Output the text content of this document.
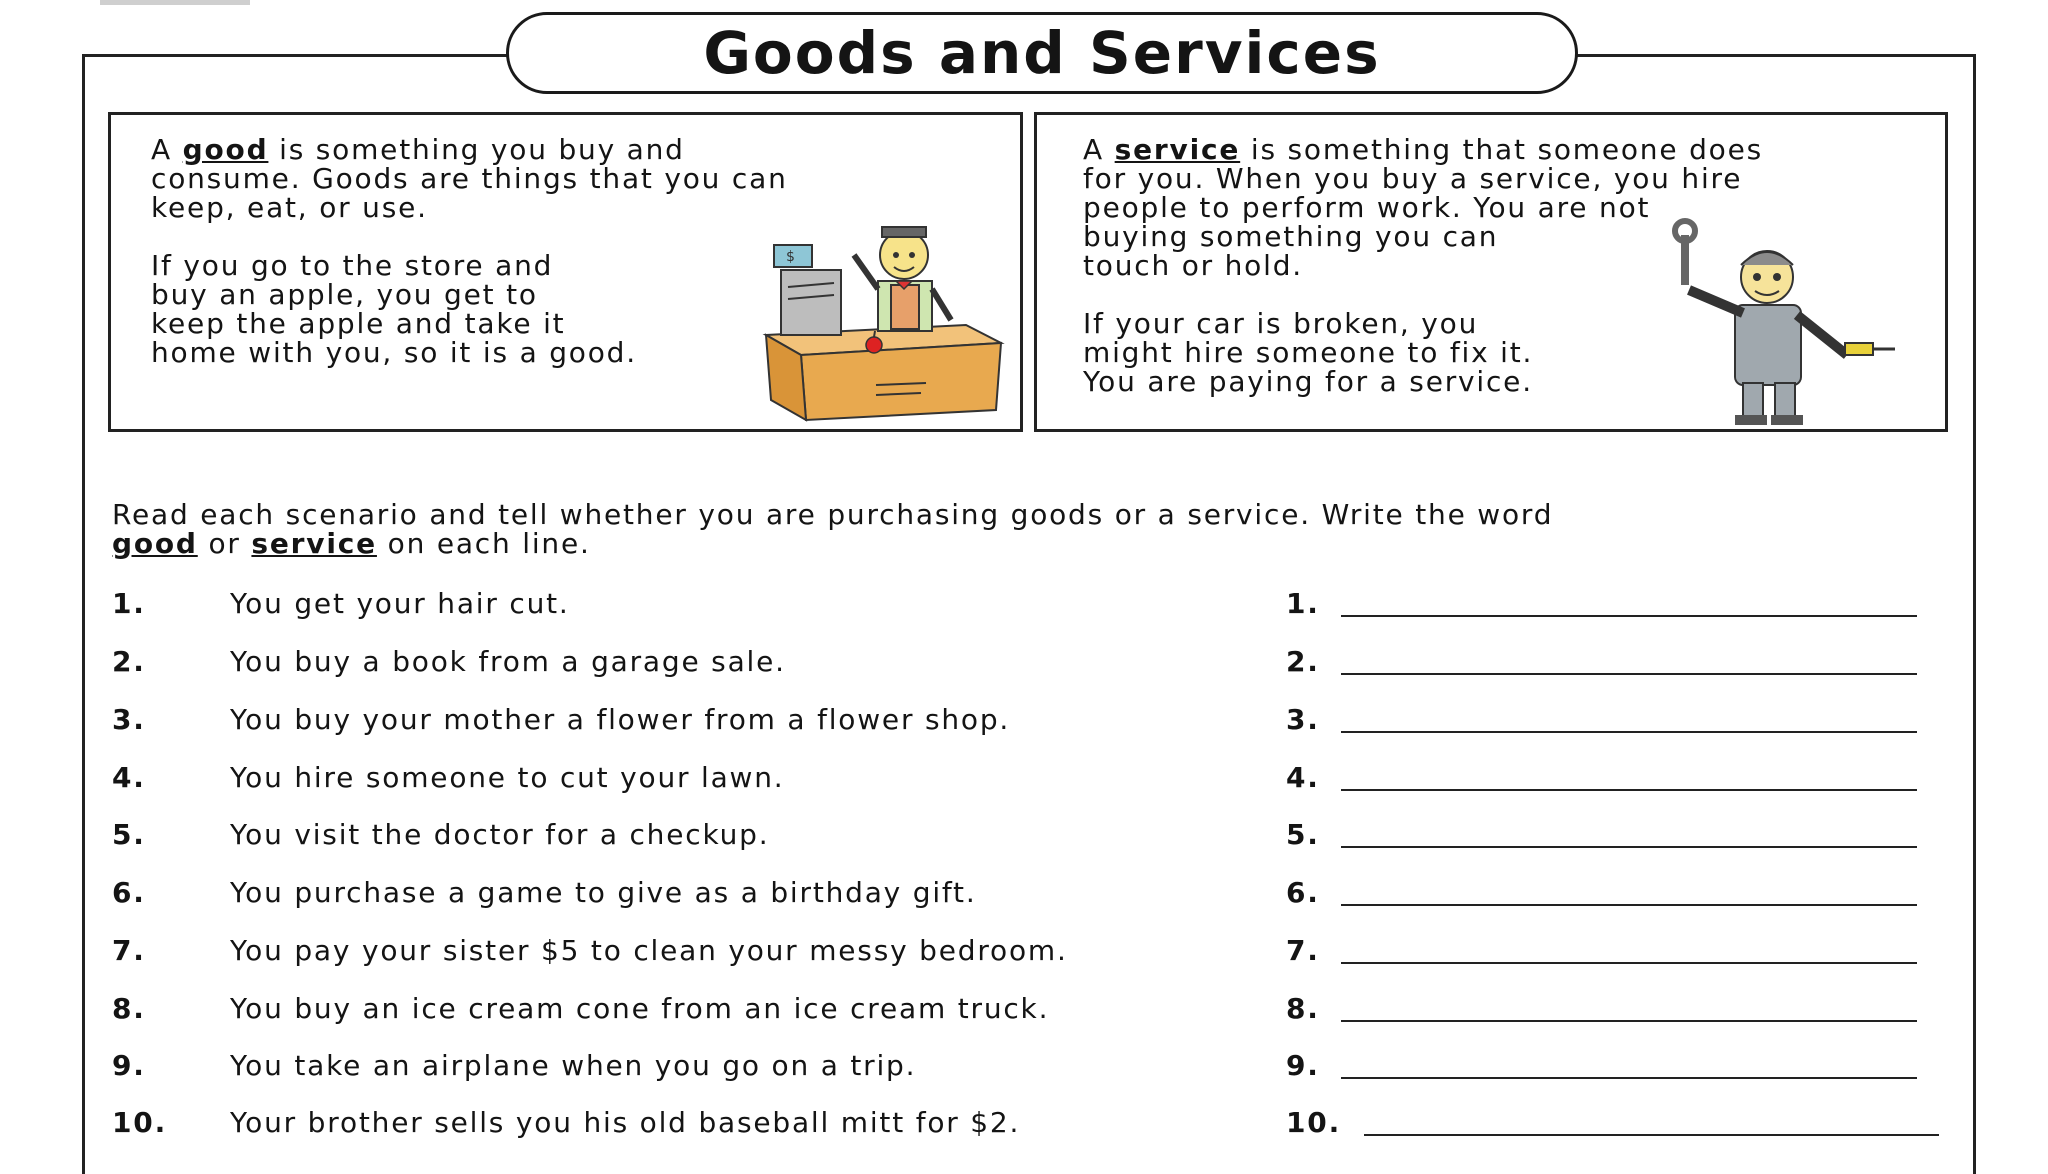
Goods and Services

A good is something you buy and

consume. Goods are things that you can

keep, eat, or use.

If you go to the store and

buy an apple, you get to

keep the apple and take it

home with you, so it is a good.

$

A service is something that someone does

for you. When you buy a service, you hire

people to perform work. You are not

buying something you can

touch or hold.

If your car is broken, you

might hire someone to fix it.

You are paying for a service.

Read each scenario and tell whether you are purchasing goods or a service. Write the word
good or service on each line.
1.	You get your hair cut.	1.
2.	You buy a book from a garage sale.	2.
3.	You buy your mother a flower from a flower shop.	3.
4.	You hire someone to cut your lawn.	4.
5.	You visit the doctor for a checkup.	5.
6.	You purchase a game to give as a birthday gift.	6.
7.	You pay your sister $5 to clean your messy bedroom.	7.
8.	You buy an ice cream cone from an ice cream truck.	8.
9.	You take an airplane when you go on a trip.	9.
10. Your brother sells you his old baseball mitt for $2.	10.
